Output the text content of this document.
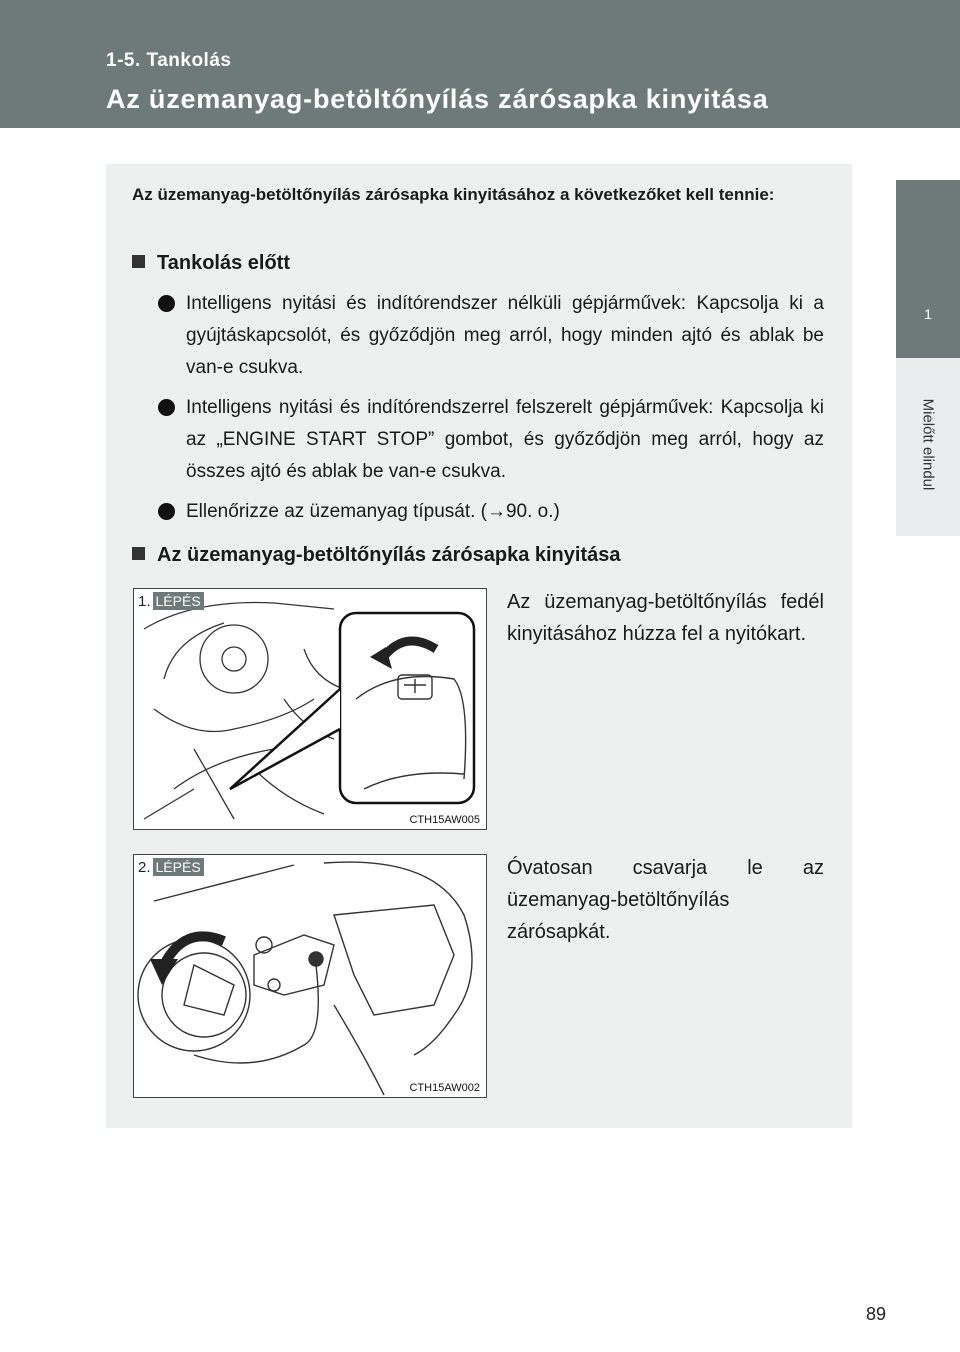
1-5. Tankolás
Az üzemanyag-betöltőnyílás zárósapka kinyitása
1
Mielőtt elindul
Az üzemanyag-betöltőnyílás zárósapka kinyitásához a következőket kell tennie:
Tankolás előtt

Intelligens nyitási és indítórendszer nélküli gépjárművek: Kapcsolja ki a gyújtáskapcsolót, és győződjön meg arról, hogy minden ajtó és ablak be van-e csukva.

Intelligens nyitási és indítórendszerrel felszerelt gépjárművek: Kapcsolja ki az „ENGINE START STOP” gombot, és győződjön meg arról, hogy az összes ajtó és ablak be van-e csukva.

Ellenőrizze az üzemanyag típusát. (→90. o.)

Az üzemanyag-betöltőnyílás zárósapka kinyitása
1. LÉPÉS
CTH15AW005
Az üzemanyag-betöltőnyílás fedél kinyitásához húzza fel a nyitókart.
2. LÉPÉS
CTH15AW002
Óvatosan csavarja le az üzemanyag-betöltőnyílás zárósapkát.
89
